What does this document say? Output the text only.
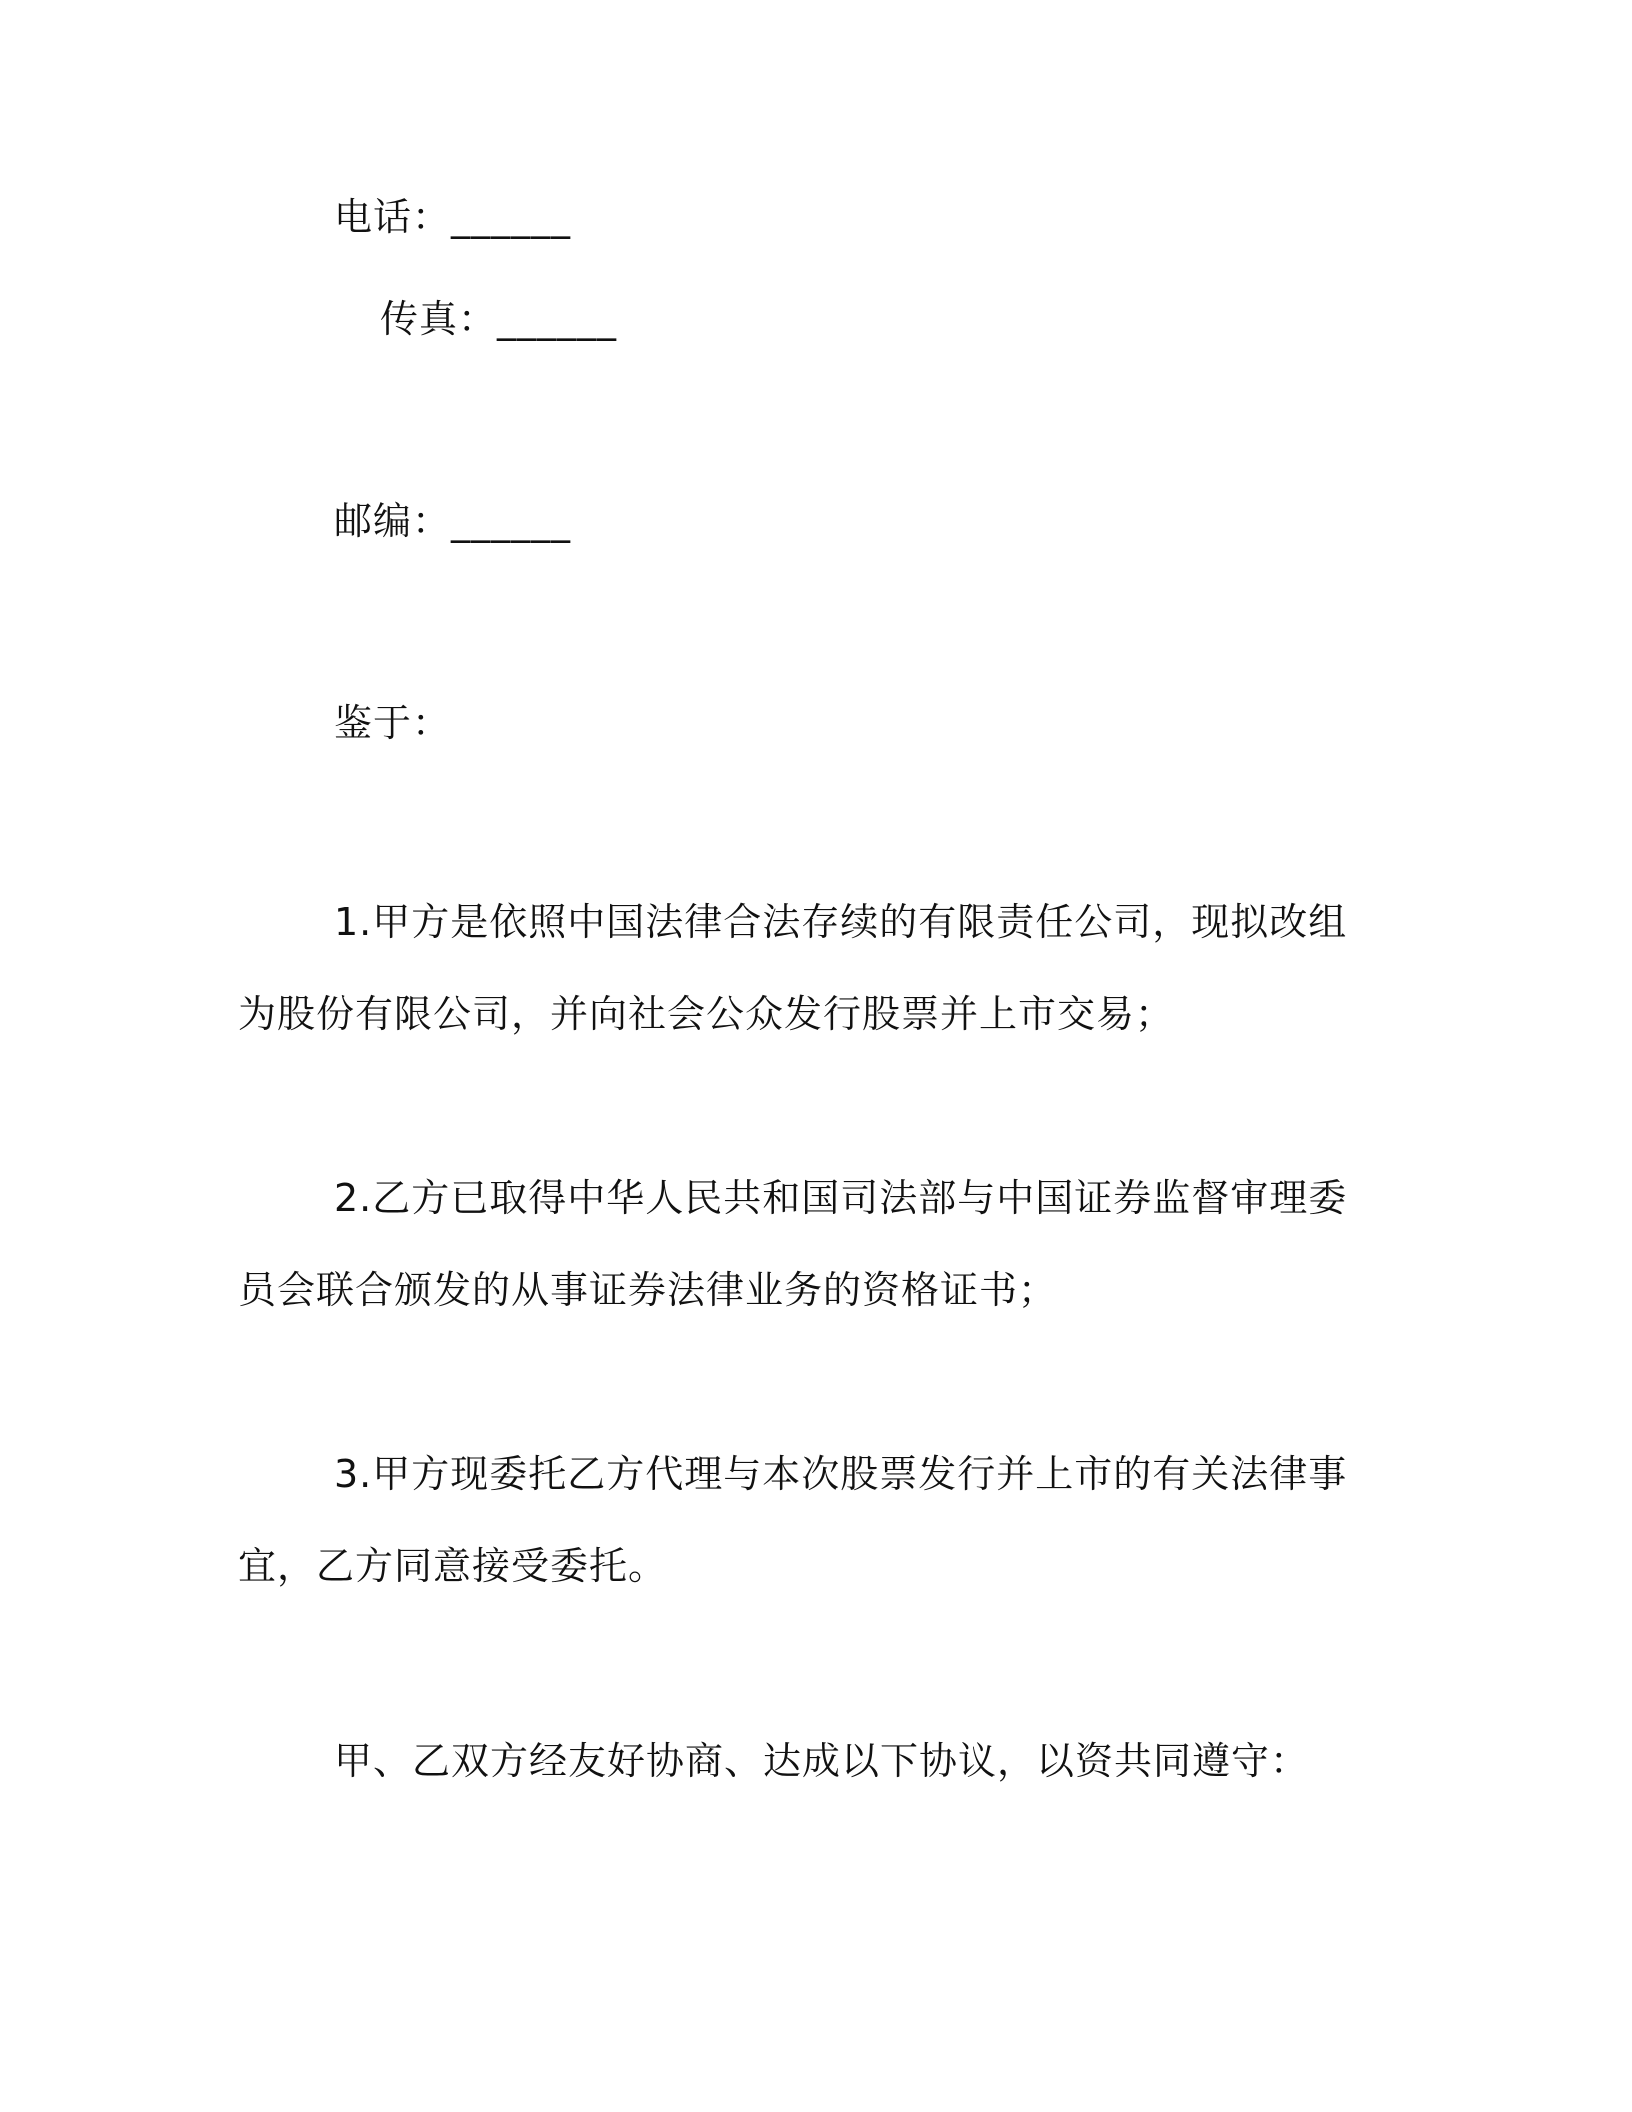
电话：______
传真：______
邮编：______
鉴于：
1.甲方是依照中国法律合法存续的有限责任公司，现拟改组为股份有限公司，并向社会公众发行股票并上市交易；
2.乙方已取得中华人民共和国司法部与中国证券监督审理委员会联合颁发的从事证券法律业务的资格证书；
3.甲方现委托乙方代理与本次股票发行并上市的有关法律事宜，乙方同意接受委托。
甲、乙双方经友好协商、达成以下协议，以资共同遵守：
